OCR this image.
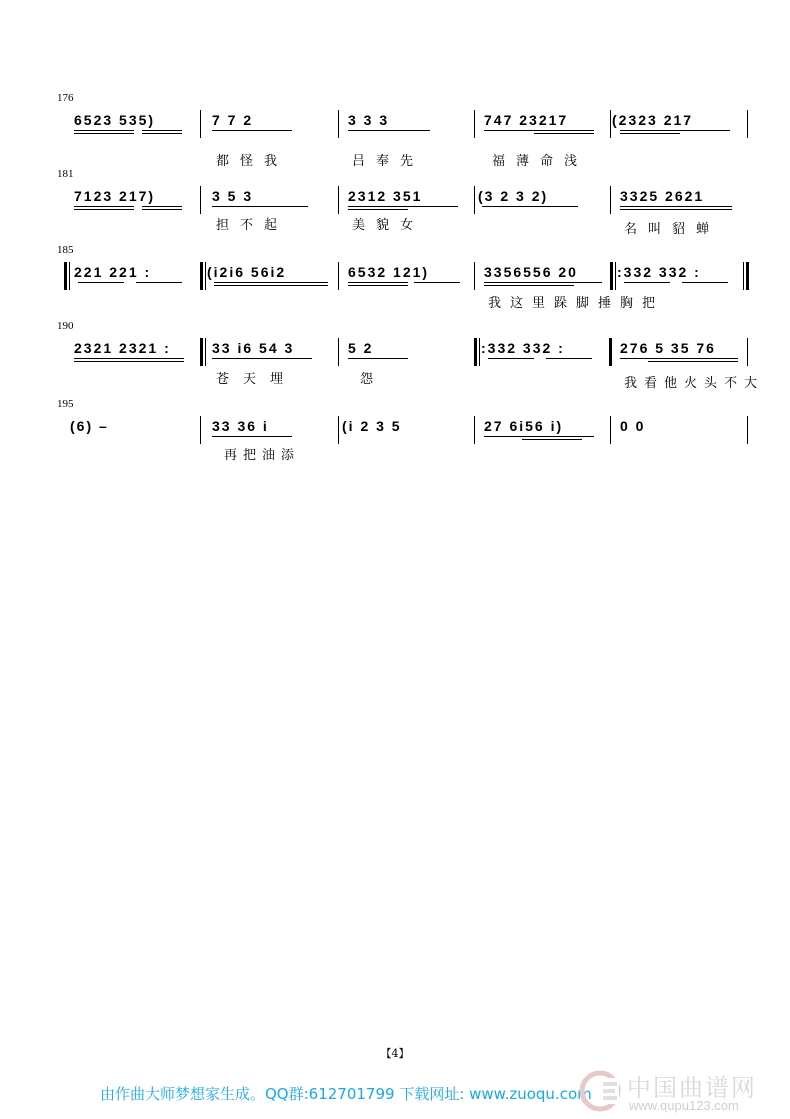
176
6523 535)	7 7 2	3 3 3	747 23217	(2323 217
都怪我	吕奉先	福薄命浅
181
7123 217)	3 5 3	2312 351	(3 2 3 2)	3325 2621
担不起	美貌女	名叫貂蝉
185
221 221 :	(i2i6 56i2	6532 121)	3356556 20	:332 332 :
我这里跺脚捶胸把
190
2321 2321 :	33 i6 54 3	5 2	:332 332 :	276 5 35 76
苍天埋	怨	我看他火头不大
195
(6) –	33 36 i	(i 2 3 5	27 6i56 i)	0 0
再把油添
【4】
由作曲大师梦想家生成。QQ群:612701799 下载网址: www.zuoqu.com 中国曲谱网
www.qupu123.com
